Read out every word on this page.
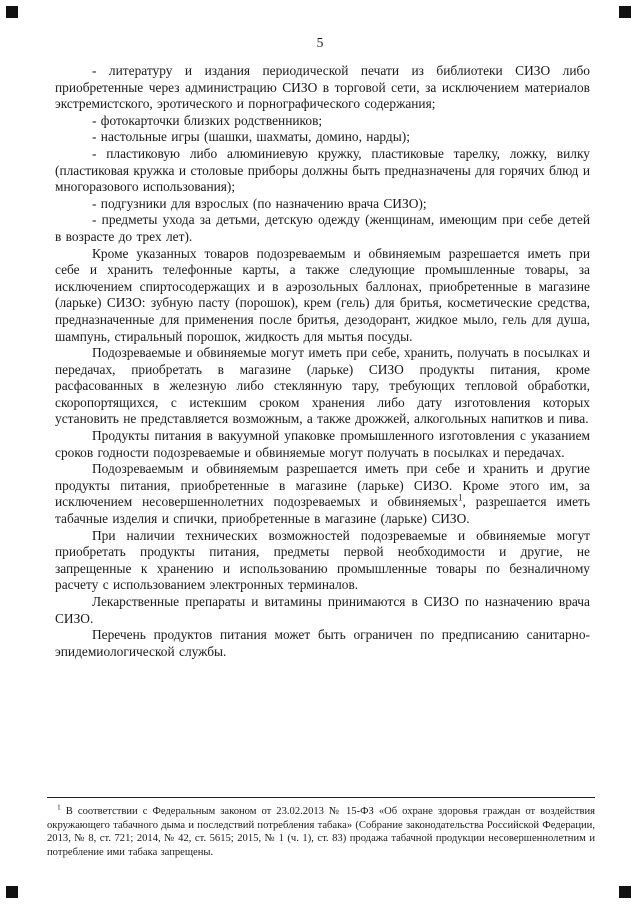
5

- литературу и издания периодической печати из библиотеки СИЗО либо приобретенные через администрацию СИЗО в торговой сети, за исключением материалов экстремистского, эротического и порнографического содержания;

- фотокарточки близких родственников;

- настольные игры (шашки, шахматы, домино, нарды);

- пластиковую либо алюминиевую кружку, пластиковые тарелку, ложку, вилку (пластиковая кружка и столовые приборы должны быть предназначены для горячих блюд и многоразового использования);

- подгузники для взрослых (по назначению врача СИЗО);

- предметы ухода за детьми, детскую одежду (женщинам, имеющим при себе детей в возрасте до трех лет).

Кроме указанных товаров подозреваемым и обвиняемым разрешается иметь при себе и хранить телефонные карты, а также следующие промышленные товары, за исключением спиртосодержащих и в аэрозольных баллонах, приобретенные в магазине (ларьке) СИЗО: зубную пасту (порошок), крем (гель) для бритья, косметические средства, предназначенные для применения после бритья, дезодорант, жидкое мыло, гель для душа, шампунь, стиральный порошок, жидкость для мытья посуды.

Подозреваемые и обвиняемые могут иметь при себе, хранить, получать в посылках и передачах, приобретать в магазине (ларьке) СИЗО продукты питания, кроме расфасованных в железную либо стеклянную тару, требующих тепловой обработки, скоропортящихся, с истекшим сроком хранения либо дату изготовления которых установить не представляется возможным, а также дрожжей, алкогольных напитков и пива.

Продукты питания в вакуумной упаковке промышленного изготовления с указанием сроков годности подозреваемые и обвиняемые могут получать в посылках и передачах.

Подозреваемым и обвиняемым разрешается иметь при себе и хранить и другие продукты питания, приобретенные в магазине (ларьке) СИЗО. Кроме этого им, за исключением несовершеннолетних подозреваемых и обвиняемых$^1$, разрешается иметь табачные изделия и спички, приобретенные в магазине (ларьке) СИЗО.

При наличии технических возможностей подозреваемые и обвиняемые могут приобретать продукты питания, предметы первой необходимости и другие, не запрещенные к хранению и использованию промышленные товары по безналичному расчету с использованием электронных терминалов.

Лекарственные препараты и витамины принимаются в СИЗО по назначению врача СИЗО.

Перечень продуктов питания может быть ограничен по предписанию санитарно-эпидемиологической службы.

$^1$ В соответствии с Федеральным законом от 23.02.2013 № 15-ФЗ «Об охране здоровья граждан от воздействия окружающего табачного дыма и последствий потребления табака» (Собрание законодательства Российской Федерации, 2013, № 8, ст. 721; 2014, № 42, ст. 5615; 2015, № 1 (ч. 1), ст. 83) продажа табачной продукции несовершеннолетним и потребление ими табака запрещены.
